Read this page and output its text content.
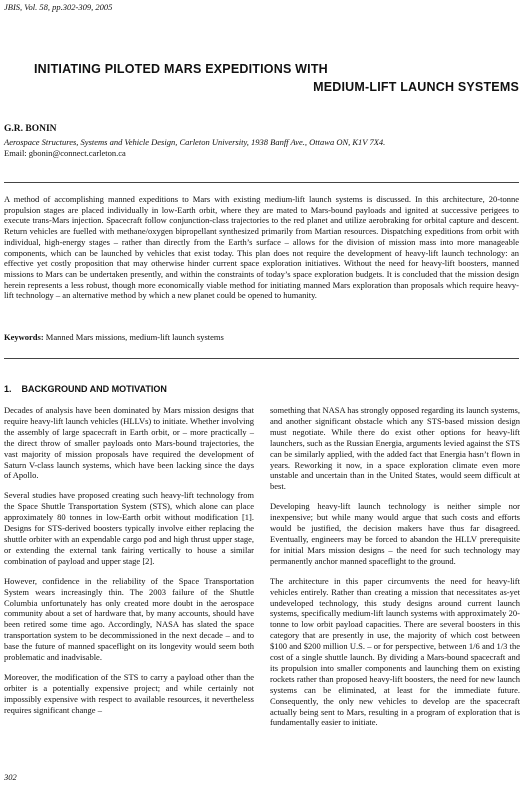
JBIS, Vol. 58, pp.302-309, 2005
INITIATING PILOTED MARS EXPEDITIONS WITH
MEDIUM-LIFT LAUNCH SYSTEMS
G.R. BONIN
Aerospace Structures, Systems and Vehicle Design, Carleton University, 1938 Banff Ave., Ottawa ON, K1V 7X4.
Email: gbonin@connect.carleton.ca
A method of accomplishing manned expeditions to Mars with existing medium-lift launch systems is discussed. In this architecture, 20-tonne propulsion stages are placed individually in low-Earth orbit, where they are mated to Mars-bound payloads and ignited at successive perigees to execute trans-Mars injection. Spacecraft follow conjunction-class trajectories to the red planet and utilize aerobraking for orbital capture and descent. Return vehicles are fuelled with methane/oxygen bipropellant synthesized primarily from Martian resources. Dispatching expeditions from orbit with individual, high-energy stages – rather than directly from the Earth’s surface – allows for the division of mission mass into more manageable components, which can be launched by vehicles that exist today. This plan does not require the development of heavy-lift launch technology: an effective yet costly proposition that may otherwise hinder current space exploration initiatives. Without the need for heavy-lift boosters, manned missions to Mars can be undertaken presently, and within the constraints of today’s space exploration budgets. It is concluded that the mission design herein represents a less robust, though more economically viable method for initiating manned Mars exploration than proposals which require heavy-lift technology – an alternative method by which a new planet could be opened to humanity.
Keywords: Manned Mars missions, medium-lift launch systems
1.    BACKGROUND AND MOTIVATION

Decades of analysis have been dominated by Mars mission designs that require heavy-lift launch vehicles (HLLVs) to initiate. Whether involving the assembly of large spacecraft in Earth orbit, or – more practically – the direct throw of smaller payloads onto Mars-bound trajectories, the vast majority of mission proposals have required the development of Saturn V-class launch systems, which have been lacking since the days of Apollo.

Several studies have proposed creating such heavy-lift technology from the Space Shuttle Transportation System (STS), which alone can place approximately 80 tonnes in low-Earth orbit without modification [1]. Designs for STS-derived boosters typically involve either replacing the shuttle orbiter with an expendable cargo pod and high thrust upper stage, or extending the external tank fairing vertically to house a similar combination of payload and upper stage [2].

However, confidence in the reliability of the Space Transportation System wears increasingly thin. The 2003 failure of the Shuttle Columbia unfortunately has only created more doubt in the aerospace community about a set of hardware that, by many accounts, should have been retired some time ago. Accordingly, NASA has slated the space transportation system to be decommissioned in the next decade – and to base the future of manned spaceflight on its longevity would seem both problematic and inadvisable.

Moreover, the modification of the STS to carry a payload other than the orbiter is a potentially expensive project; and while certainly not impossibly expensive with respect to available resources, it nevertheless requires significant change –

something that NASA has strongly opposed regarding its launch systems, and another significant obstacle which any STS-based mission design must negotiate. While there do exist other options for heavy-lift launchers, such as the Russian Energia, arguments levied against the STS can be similarly applied, with the added fact that Energia hasn’t flown in years. Reworking it now, in a space exploration climate even more unstable and uncertain than in the United States, would seem difficult at best.

Developing heavy-lift launch technology is neither simple nor inexpensive; but while many would argue that such costs and efforts would be justified, the decision makers have thus far disagreed. Eventually, engineers may be forced to abandon the HLLV prerequisite for initial Mars mission designs – the need for such technology may permanently anchor manned spaceflight to the ground.

The architecture in this paper circumvents the need for heavy-lift vehicles entirely. Rather than creating a mission that necessitates as-yet undeveloped technology, this study designs around current launch systems, specifically medium-lift launch systems with approximately 20-tonne to low orbit payload capacities. There are several boosters in this category that are presently in use, the majority of which cost between $100 and $200 million U.S. – or for perspective, between 1/6 and 1/3 the cost of a single shuttle launch. By dividing a Mars-bound spacecraft and its propulsion into smaller components and launching them on existing rockets rather than proposed heavy-lift boosters, the need for new launch systems can be eliminated, at least for the immediate future. Consequently, the only new vehicles to develop are the spacecraft actually being sent to Mars, resulting in a program of exploration that is fundamentally easier to initiate.

302
